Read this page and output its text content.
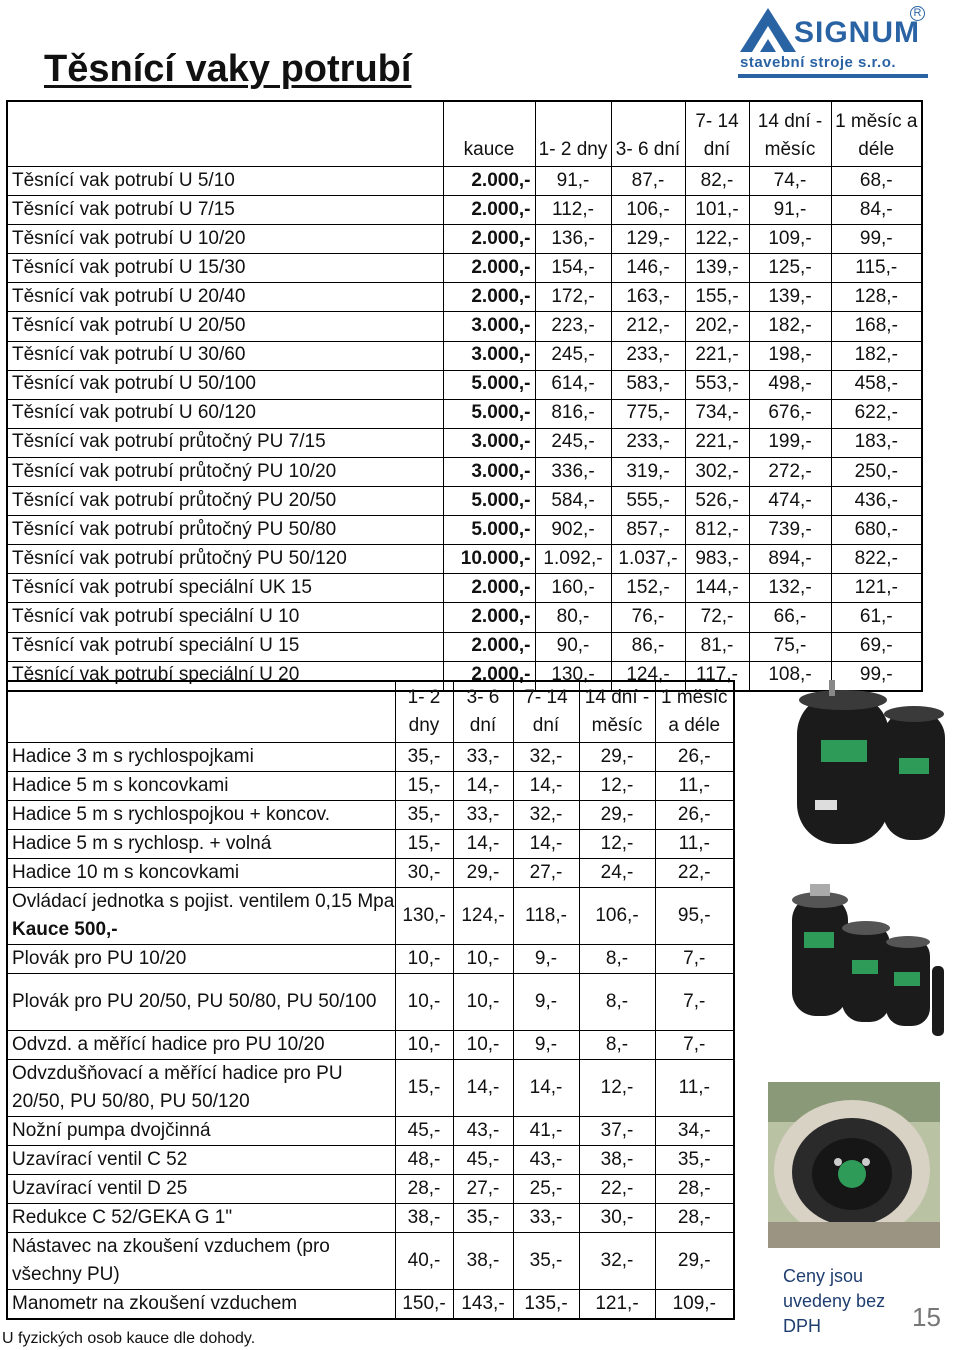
Těsnící vaky potrubí
SIGNUM
R
stavební stroje s.r.o.
	kauce	1- 2 dny	3- 6 dní	7- 14 dní	14 dní - měsíc	1 měsíc a déle
Těsnící vak potrubí U 5/10	2.000,-	91,-	87,-	82,-	74,-	68,-
Těsnící vak potrubí U 7/15	2.000,-	112,-	106,-	101,-	91,-	84,-
Těsnící vak potrubí U 10/20	2.000,-	136,-	129,-	122,-	109,-	99,-
Těsnící vak potrubí U 15/30	2.000,-	154,-	146,-	139,-	125,-	115,-
Těsnící vak potrubí U 20/40	2.000,-	172,-	163,-	155,-	139,-	128,-
Těsnící vak potrubí U 20/50	3.000,-	223,-	212,-	202,-	182,-	168,-
Těsnící vak potrubí U 30/60	3.000,-	245,-	233,-	221,-	198,-	182,-
Těsnící vak potrubí U 50/100	5.000,-	614,-	583,-	553,-	498,-	458,-
Těsnící vak potrubí U 60/120	5.000,-	816,-	775,-	734,-	676,-	622,-
Těsnící vak potrubí průtočný PU 7/15	3.000,-	245,-	233,-	221,-	199,-	183,-
Těsnící vak potrubí průtočný PU 10/20	3.000,-	336,-	319,-	302,-	272,-	250,-
Těsnící vak potrubí průtočný PU 20/50	5.000,-	584,-	555,-	526,-	474,-	436,-
Těsnící vak potrubí průtočný PU 50/80	5.000,-	902,-	857,-	812,-	739,-	680,-
Těsnící vak potrubí průtočný PU 50/120	10.000,-	1.092,-	1.037,-	983,-	894,-	822,-
Těsnící vak potrubí speciální UK 15	2.000,-	160,-	152,-	144,-	132,-	121,-
Těsnící vak potrubí speciální U 10	2.000,-	80,-	76,-	72,-	66,-	61,-
Těsnící vak potrubí speciální U 15	2.000,-	90,-	86,-	81,-	75,-	69,-
Těsnící vak potrubí speciální U 20	2.000,-	130,-	124,-	117,-	108,-	99,-
	1- 2 dny	3- 6 dní	7- 14 dní	14 dní - měsíc	1 měsíc a déle
Hadice 3 m s rychlospojkami	35,-	33,-	32,-	29,-	26,-
Hadice 5 m s koncovkami	15,-	14,-	14,-	12,-	11,-
Hadice 5 m s rychlospojkou + koncov.	35,-	33,-	32,-	29,-	26,-
Hadice 5 m s rychlosp. + volná	15,-	14,-	14,-	12,-	11,-
Hadice 10 m s koncovkami	30,-	29,-	27,-	24,-	22,-
Ovládací jednotka s pojist. ventilem 0,15 Mpa Kauce 500,-	130,-	124,-	118,-	106,-	95,-
Plovák pro PU 10/20	10,-	10,-	9,-	8,-	7,-
Plovák pro PU 20/50, PU 50/80, PU 50/100	10,-	10,-	9,-	8,-	7,-
Odvzd. a měřící hadice pro PU 10/20	10,-	10,-	9,-	8,-	7,-
Odvzdušňovací a měřící hadice pro PU 20/50, PU 50/80, PU 50/120	15,-	14,-	14,-	12,-	11,-
Nožní pumpa dvojčinná	45,-	43,-	41,-	37,-	34,-
Uzavírací ventil C 52	48,-	45,-	43,-	38,-	35,-
Uzavírací ventil D 25	28,-	27,-	25,-	22,-	28,-
Redukce C 52/GEKA G 1"	38,-	35,-	33,-	30,-	28,-
Nástavec na zkoušení vzduchem (pro všechny PU)	40,-	38,-	35,-	32,-	29,-
Manometr na zkoušení vzduchem	150,-	143,-	135,-	121,-	109,-
U fyzických osob kauce dle dohody.
Ceny jsou uvedeny bez DPH	15
